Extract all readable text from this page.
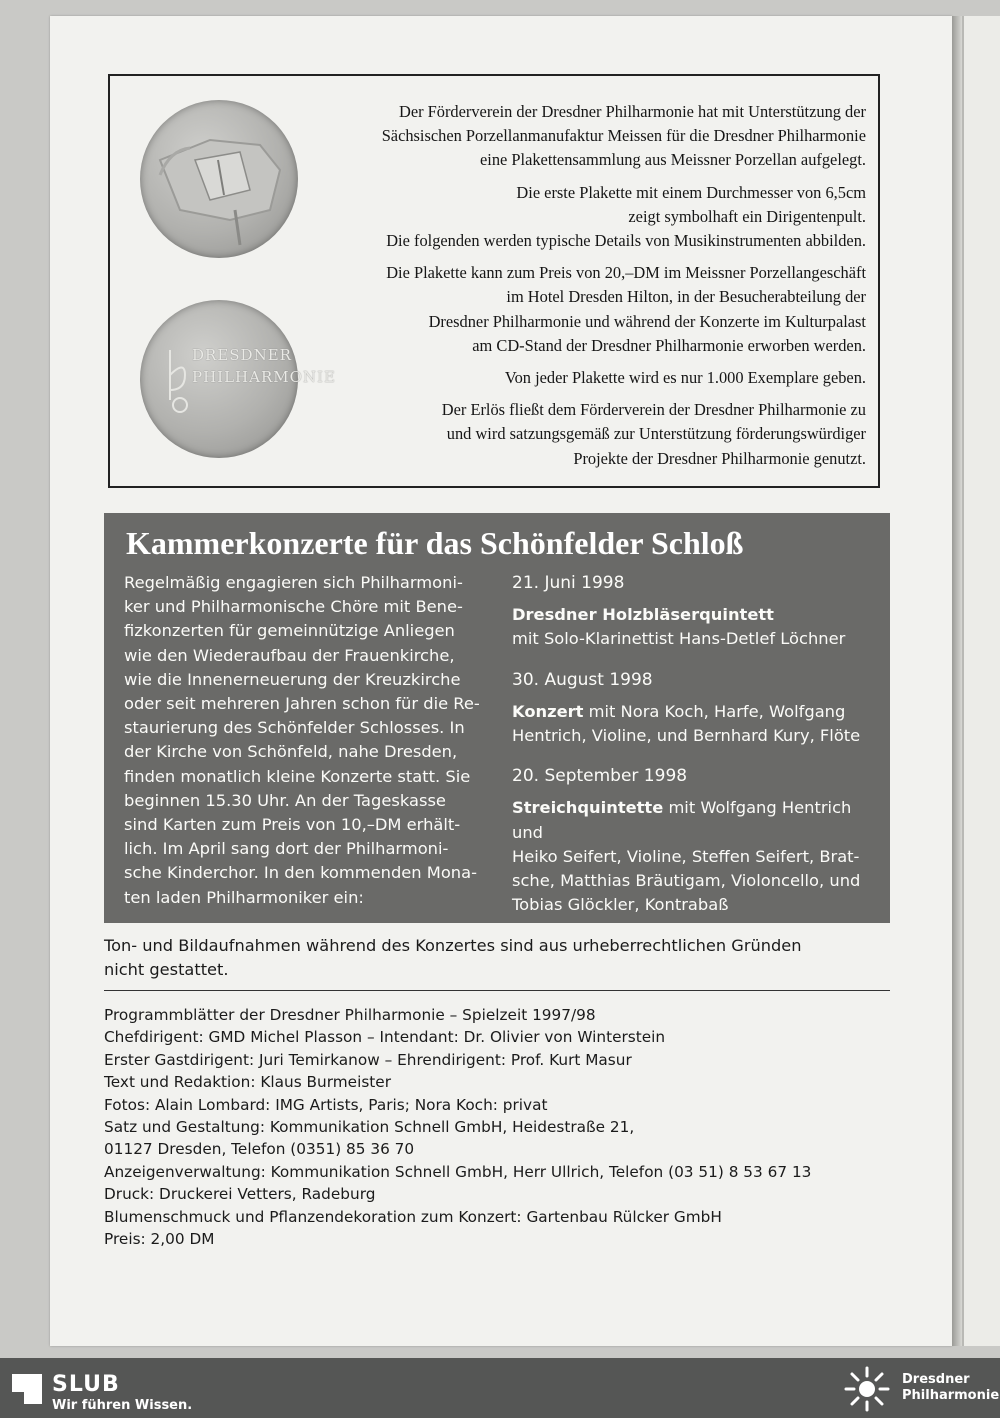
DRESDNER
PHILHARMONIE

Der Förderverein der Dresdner Philharmonie hat mit Unterstützung der
Sächsischen Porzellanmanufaktur Meissen für die Dresdner Philharmonie
eine Plakettensammlung aus Meissner Porzellan aufgelegt.

Die erste Plakette mit einem Durchmesser von 6,5cm
zeigt symbolhaft ein Dirigentenpult.
Die folgenden werden typische Details von Musikinstrumenten abbilden.

Die Plakette kann zum Preis von 20,–DM im Meissner Porzellangeschäft
im Hotel Dresden Hilton, in der Besucherabteilung der
Dresdner Philharmonie und während der Konzerte im Kulturpalast
am CD-Stand der Dresdner Philharmonie erworben werden.

Von jeder Plakette wird es nur 1.000 Exemplare geben.

Der Erlös fließt dem Förderverein der Dresdner Philharmonie zu
und wird satzungsgemäß zur Unterstützung förderungswürdiger
Projekte der Dresdner Philharmonie genutzt.

Kammerkonzerte für das Schönfelder Schloß
Regelmäßig engagieren sich Philharmoni-
ker und Philharmonische Chöre mit Bene-
fizkonzerten für gemeinnützige Anliegen
wie den Wiederaufbau der Frauenkirche,
wie die Innenerneuerung der Kreuzkirche
oder seit mehreren Jahren schon für die Re-
staurierung des Schönfelder Schlosses. In
der Kirche von Schönfeld, nahe Dresden,
finden monatlich kleine Konzerte statt. Sie
beginnen 15.30 Uhr. An der Tageskasse
sind Karten zum Preis von 10,–DM erhält-
lich. Im April sang dort der Philharmoni-
sche Kinderchor. In den kommenden Mona-
ten laden Philharmoniker ein:
21. Juni 1998
Dresdner Holzbläserquintett
mit Solo-Klarinettist Hans-Detlef Löchner
30. August 1998
Konzert mit Nora Koch, Harfe, Wolfgang
Hentrich, Violine, und Bernhard Kury, Flöte
20. September 1998
Streichquintette mit Wolfgang Hentrich und
Heiko Seifert, Violine, Steffen Seifert, Brat-
sche, Matthias Bräutigam, Violoncello, und
Tobias Glöckler, Kontrabaß
Ton- und Bildaufnahmen während des Konzertes sind aus urheberrechtlichen Gründen
nicht gestattet.
Programmblätter der Dresdner Philharmonie – Spielzeit 1997/98
Chefdirigent: GMD Michel Plasson – Intendant: Dr. Olivier von Winterstein
Erster Gastdirigent: Juri Temirkanow – Ehrendirigent: Prof. Kurt Masur
Text und Redaktion: Klaus Burmeister
Fotos: Alain Lombard: IMG Artists, Paris; Nora Koch: privat
Satz und Gestaltung: Kommunikation Schnell GmbH, Heidestraße 21,
01127 Dresden, Telefon (0351) 85 36 70
Anzeigenverwaltung: Kommunikation Schnell GmbH, Herr Ullrich, Telefon (03 51) 8 53 67 13
Druck: Druckerei Vetters, Radeburg
Blumenschmuck und Pflanzendekoration zum Konzert: Gartenbau Rülcker GmbH
Preis: 2,00 DM
SLUB
Wir führen Wissen.
Dresdner
Philharmonie
